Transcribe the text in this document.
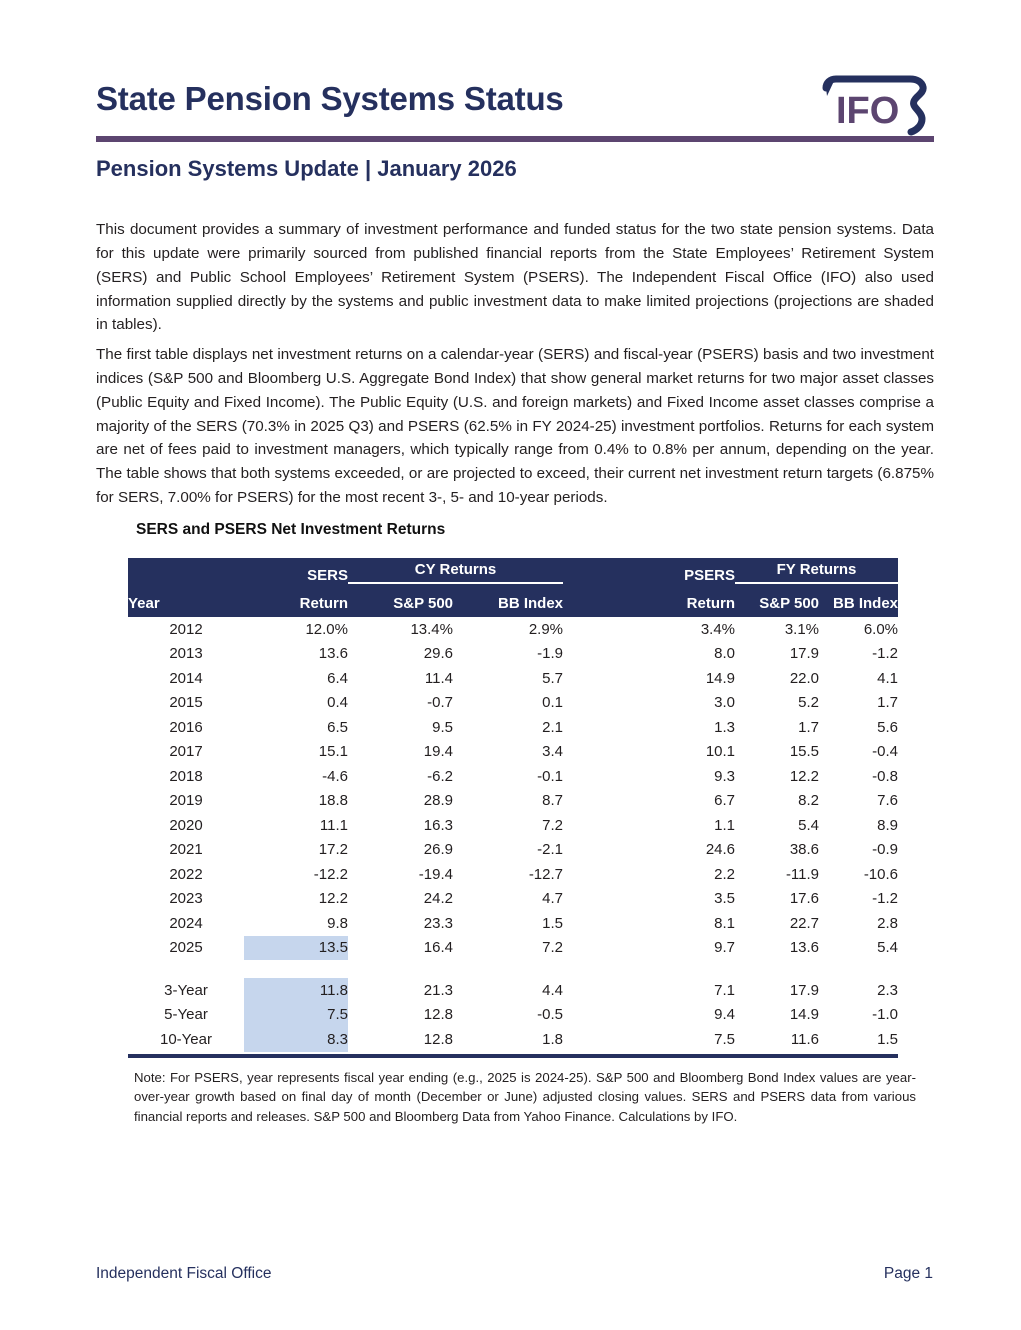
State Pension Systems Status	IFO
Pension Systems Update | January 2026

This document provides a summary of investment performance and funded status for the two state pension systems. Data for this update were primarily sourced from published financial reports from the State Employees’ Retirement System (SERS) and Public School Employees’ Retirement System (PSERS). The Independent Fiscal Office (IFO) also used information supplied directly by the systems and public investment data to make limited projections (projections are shaded in tables).

The first table displays net investment returns on a calendar-year (SERS) and fiscal-year (PSERS) basis and two investment indices (S&P 500 and Bloomberg U.S. Aggregate Bond Index) that show general market returns for two major asset classes (Public Equity and Fixed Income). The Public Equity (U.S. and foreign markets) and Fixed Income asset classes comprise a majority of the SERS (70.3% in 2025 Q3) and PSERS (62.5% in FY 2024-25) investment portfolios. Returns for each system are net of fees paid to investment managers, which typically range from 0.4% to 0.8% per annum, depending on the year. The table shows that both systems exceeded, or are projected to exceed, their current net investment return targets (6.875% for SERS, 7.00% for PSERS) for the most recent 3-, 5- and 10-year periods.

SERS and PSERS Net Investment Returns
	SERS	CY Returns			PSERS	FY Returns	
Year	Return	S&P 500	BB Index		Return	S&P 500	BB Index
2012	12.0%	13.4%	2.9%		3.4%	3.1%	6.0%
2013	13.6	29.6	-1.9		8.0	17.9	-1.2
2014	6.4	11.4	5.7		14.9	22.0	4.1
2015	0.4	-0.7	0.1		3.0	5.2	1.7
2016	6.5	9.5	2.1		1.3	1.7	5.6
2017	15.1	19.4	3.4		10.1	15.5	-0.4
2018	-4.6	-6.2	-0.1		9.3	12.2	-0.8
2019	18.8	28.9	8.7		6.7	8.2	7.6
2020	11.1	16.3	7.2		1.1	5.4	8.9
2021	17.2	26.9	-2.1		24.6	38.6	-0.9
2022	-12.2	-19.4	-12.7		2.2	-11.9	-10.6
2023	12.2	24.2	4.7		3.5	17.6	-1.2
2024	9.8	23.3	1.5		8.1	22.7	2.8
2025	13.5	16.4	7.2		9.7	13.6	5.4

3-Year	11.8	21.3	4.4		7.1	17.9	2.3
5-Year	7.5	12.8	-0.5		9.4	14.9	-1.0
10-Year	8.3	12.8	1.8		7.5	11.6	1.5
Note: For PSERS, year represents fiscal year ending (e.g., 2025 is 2024-25). S&P 500 and Bloomberg Bond Index values are year-over-year growth based on final day of month (December or June) adjusted closing values. SERS and PSERS data from various financial reports and releases. S&P 500 and Bloomberg Data from Yahoo Finance. Calculations by IFO.
Independent Fiscal Office	Page 1
